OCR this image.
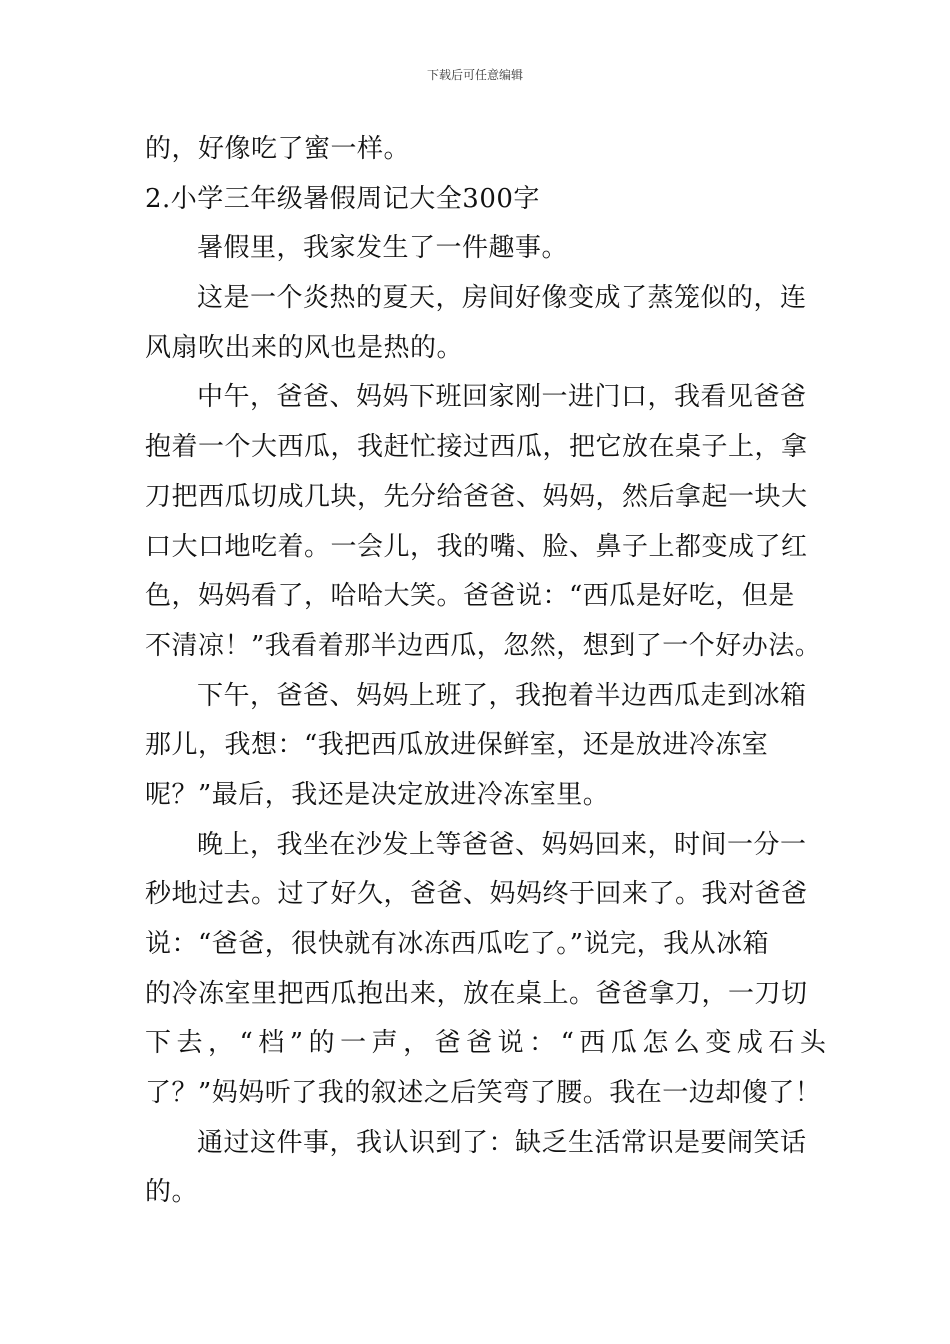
下载后可任意编辑
的，好像吃了蜜一样。
2.小学三年级暑假周记大全300字
暑假里，我家发生了一件趣事。
这是一个炎热的夏天，房间好像变成了蒸笼似的，连
风扇吹出来的风也是热的。
中午，爸爸、妈妈下班回家刚一进门口，我看见爸爸
抱着一个大西瓜，我赶忙接过西瓜，把它放在桌子上，拿
刀把西瓜切成几块，先分给爸爸、妈妈，然后拿起一块大
口大口地吃着。一会儿，我的嘴、脸、鼻子上都变成了红
色，妈妈看了，哈哈大笑。爸爸说：“西瓜是好吃，但是
不清凉！”我看着那半边西瓜，忽然，想到了一个好办法。
下午，爸爸、妈妈上班了，我抱着半边西瓜走到冰箱
那儿，我想：“我把西瓜放进保鲜室，还是放进冷冻室
呢？”最后，我还是决定放进冷冻室里。
晚上，我坐在沙发上等爸爸、妈妈回来，时间一分一
秒地过去。过了好久，爸爸、妈妈终于回来了。我对爸爸
说：“爸爸，很快就有冰冻西瓜吃了。”说完，我从冰箱
的冷冻室里把西瓜抱出来，放在桌上。爸爸拿刀，一刀切
下去，“档”的一声，爸爸说：“西瓜怎么变成石头
了？”妈妈听了我的叙述之后笑弯了腰。我在一边却傻了！
通过这件事，我认识到了：缺乏生活常识是要闹笑话
的。
